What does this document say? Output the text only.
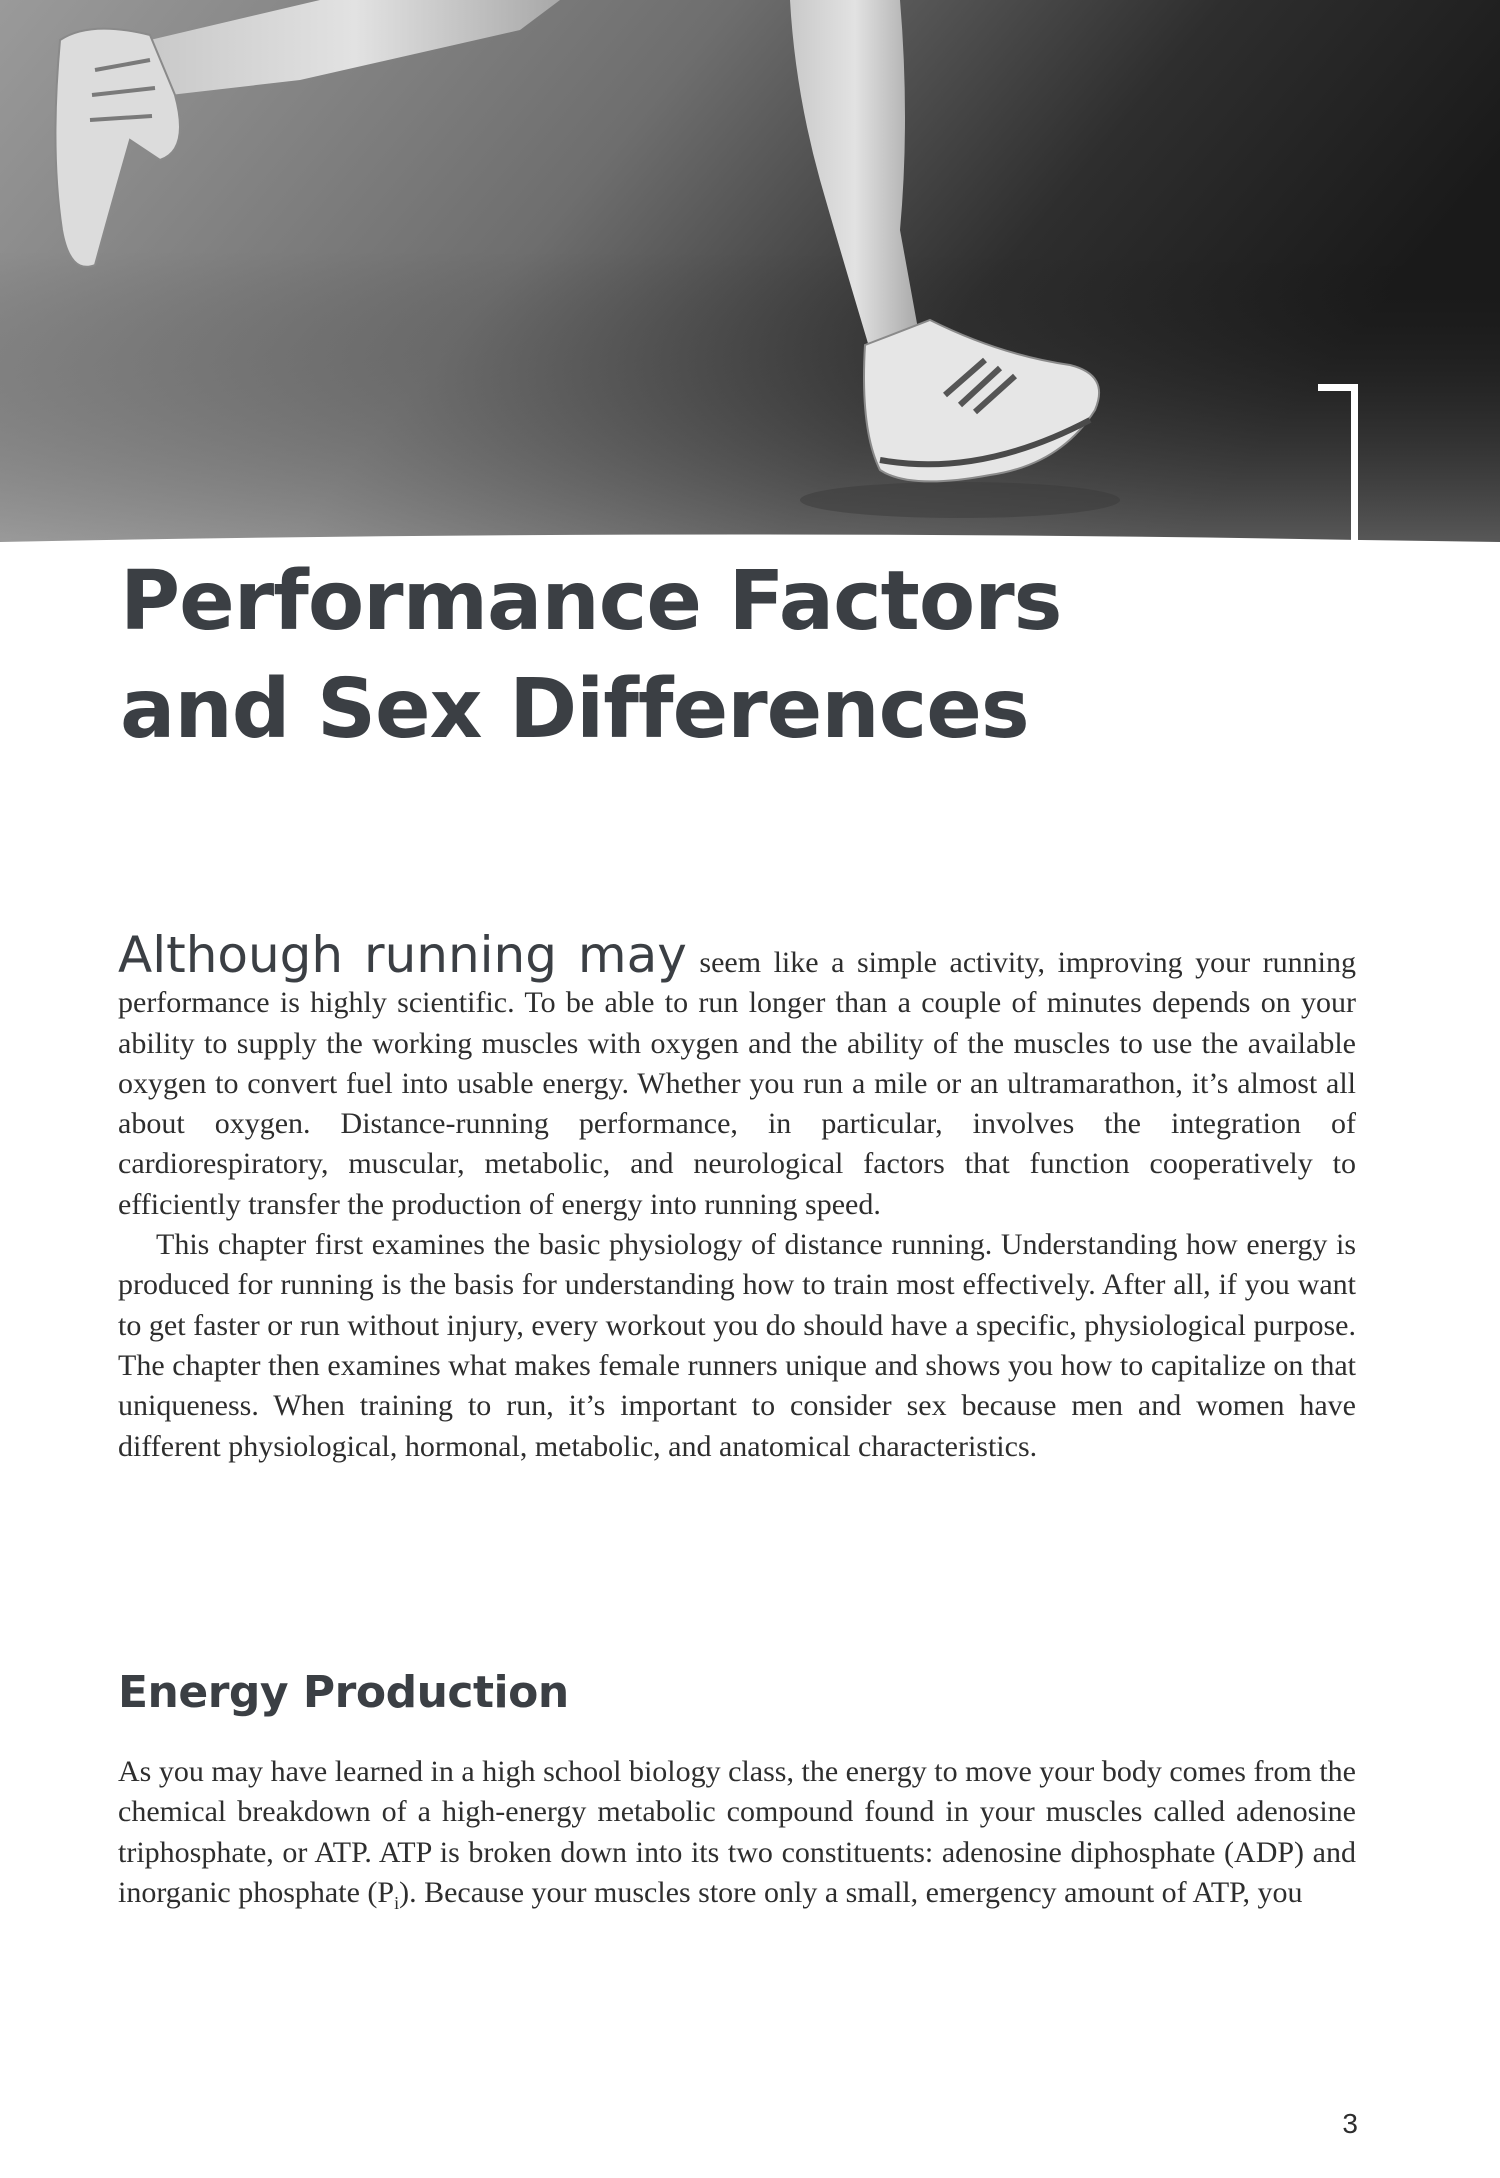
Performance Factors
and Sex Differences

Although running may seem like a simple activity, improving your running performance is highly scientific. To be able to run longer than a couple of minutes depends on your ability to supply the working muscles with oxygen and the ability of the muscles to use the available oxygen to convert fuel into usable energy. Whether you run a mile or an ultramarathon, it’s almost all about oxygen. Distance-running performance, in particular, involves the integration of cardiorespiratory, muscular, metabolic, and neurological factors that function cooperatively to efficiently transfer the production of energy into running speed.

This chapter first examines the basic physiology of distance running. Understanding how energy is produced for running is the basis for understanding how to train most effectively. After all, if you want to get faster or run without injury, every workout you do should have a specific, physiological purpose. The chapter then examines what makes female runners unique and shows you how to capitalize on that uniqueness. When training to run, it’s important to consider sex because men and women have different physiological, hormonal, metabolic, and anatomical characteristics.

Energy Production

As you may have learned in a high school biology class, the energy to move your body comes from the chemical breakdown of a high-energy metabolic compound found in your muscles called adenosine triphosphate, or ATP. ATP is broken down into its two constituents: adenosine diphosphate (ADP) and inorganic phosphate $(P_i)$. Because your muscles store only a small, emergency amount of ATP, you

3
